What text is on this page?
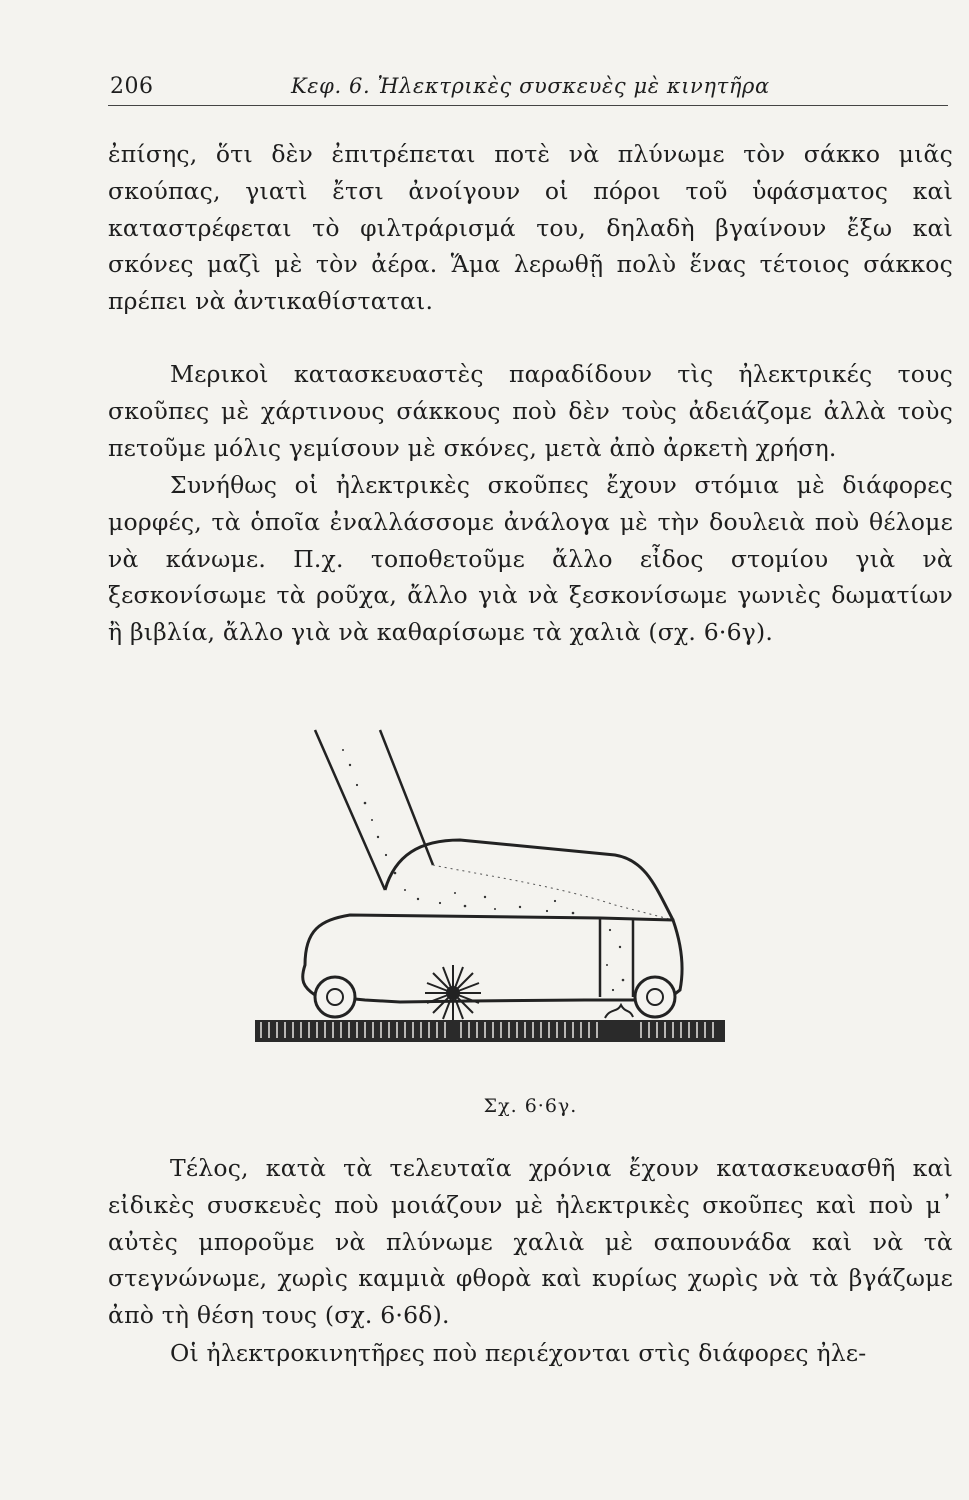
206	Κεφ. 6. Ἠλεκτρικὲς συσκευὲς μὲ κινητῆρα

ἐπίσης, ὅτι δὲν ἐπιτρέπεται ποτὲ νὰ πλύνωμε τὸν σάκκο μιᾶς σκούπας, γιατὶ ἔτσι ἀνοίγουν οἱ πόροι τοῦ ὑφάσματος καὶ καταστρέφεται τὸ φιλτράρισμά του, δηλαδὴ βγαίνουν ἔξω καὶ σκόνες μαζὶ μὲ τὸν ἀέρα. Ἅμα λερωθῇ πολὺ ἕνας τέτοιος σάκκος πρέπει νὰ ἀντικαθίσταται.

Μερικοὶ κατασκευαστὲς παραδίδουν τὶς ἠλεκτρικές τους σκοῦπες μὲ χάρτινους σάκκους ποὺ δὲν τοὺς ἀδειάζομε ἀλλὰ τοὺς πετοῦμε μόλις γεμίσουν μὲ σκόνες, μετὰ ἀπὸ ἀρκετὴ χρήση.

Συνήθως οἱ ἠλεκτρικὲς σκοῦπες ἔχουν στόμια μὲ διάφορες μορφές, τὰ ὁποῖα ἐναλλάσσομε ἀνάλογα μὲ τὴν δουλειὰ ποὺ θέλομε νὰ κάνωμε. Π.χ. τοποθετοῦμε ἄλλο εἶδος στομίου γιὰ νὰ ξεσκονίσωμε τὰ ροῦχα, ἄλλο γιὰ νὰ ξεσκονίσωμε γωνιὲς δωματίων ἢ βιβλία, ἄλλο γιὰ νὰ καθαρίσωμε τὰ χαλιὰ (σχ. 6·6γ).

Σχ. 6·6γ.

Τέλος, κατὰ τὰ τελευταῖα χρόνια ἔχουν κατασκευασθῆ καὶ εἰδικὲς συσκευὲς ποὺ μοιάζουν μὲ ἠλεκτρικὲς σκοῦπες καὶ ποὺ μ᾽ αὐτὲς μποροῦμε νὰ πλύνωμε χαλιὰ μὲ σαπουνάδα καὶ νὰ τὰ στεγνώνωμε, χωρὶς καμμιὰ φθορὰ καὶ κυρίως χωρὶς νὰ τὰ βγάζωμε ἀπὸ τὴ θέση τους (σχ. 6·6δ).

Οἱ ἠλεκτροκινητῆρες ποὺ περιέχονται στὶς διάφορες ἠλε-
